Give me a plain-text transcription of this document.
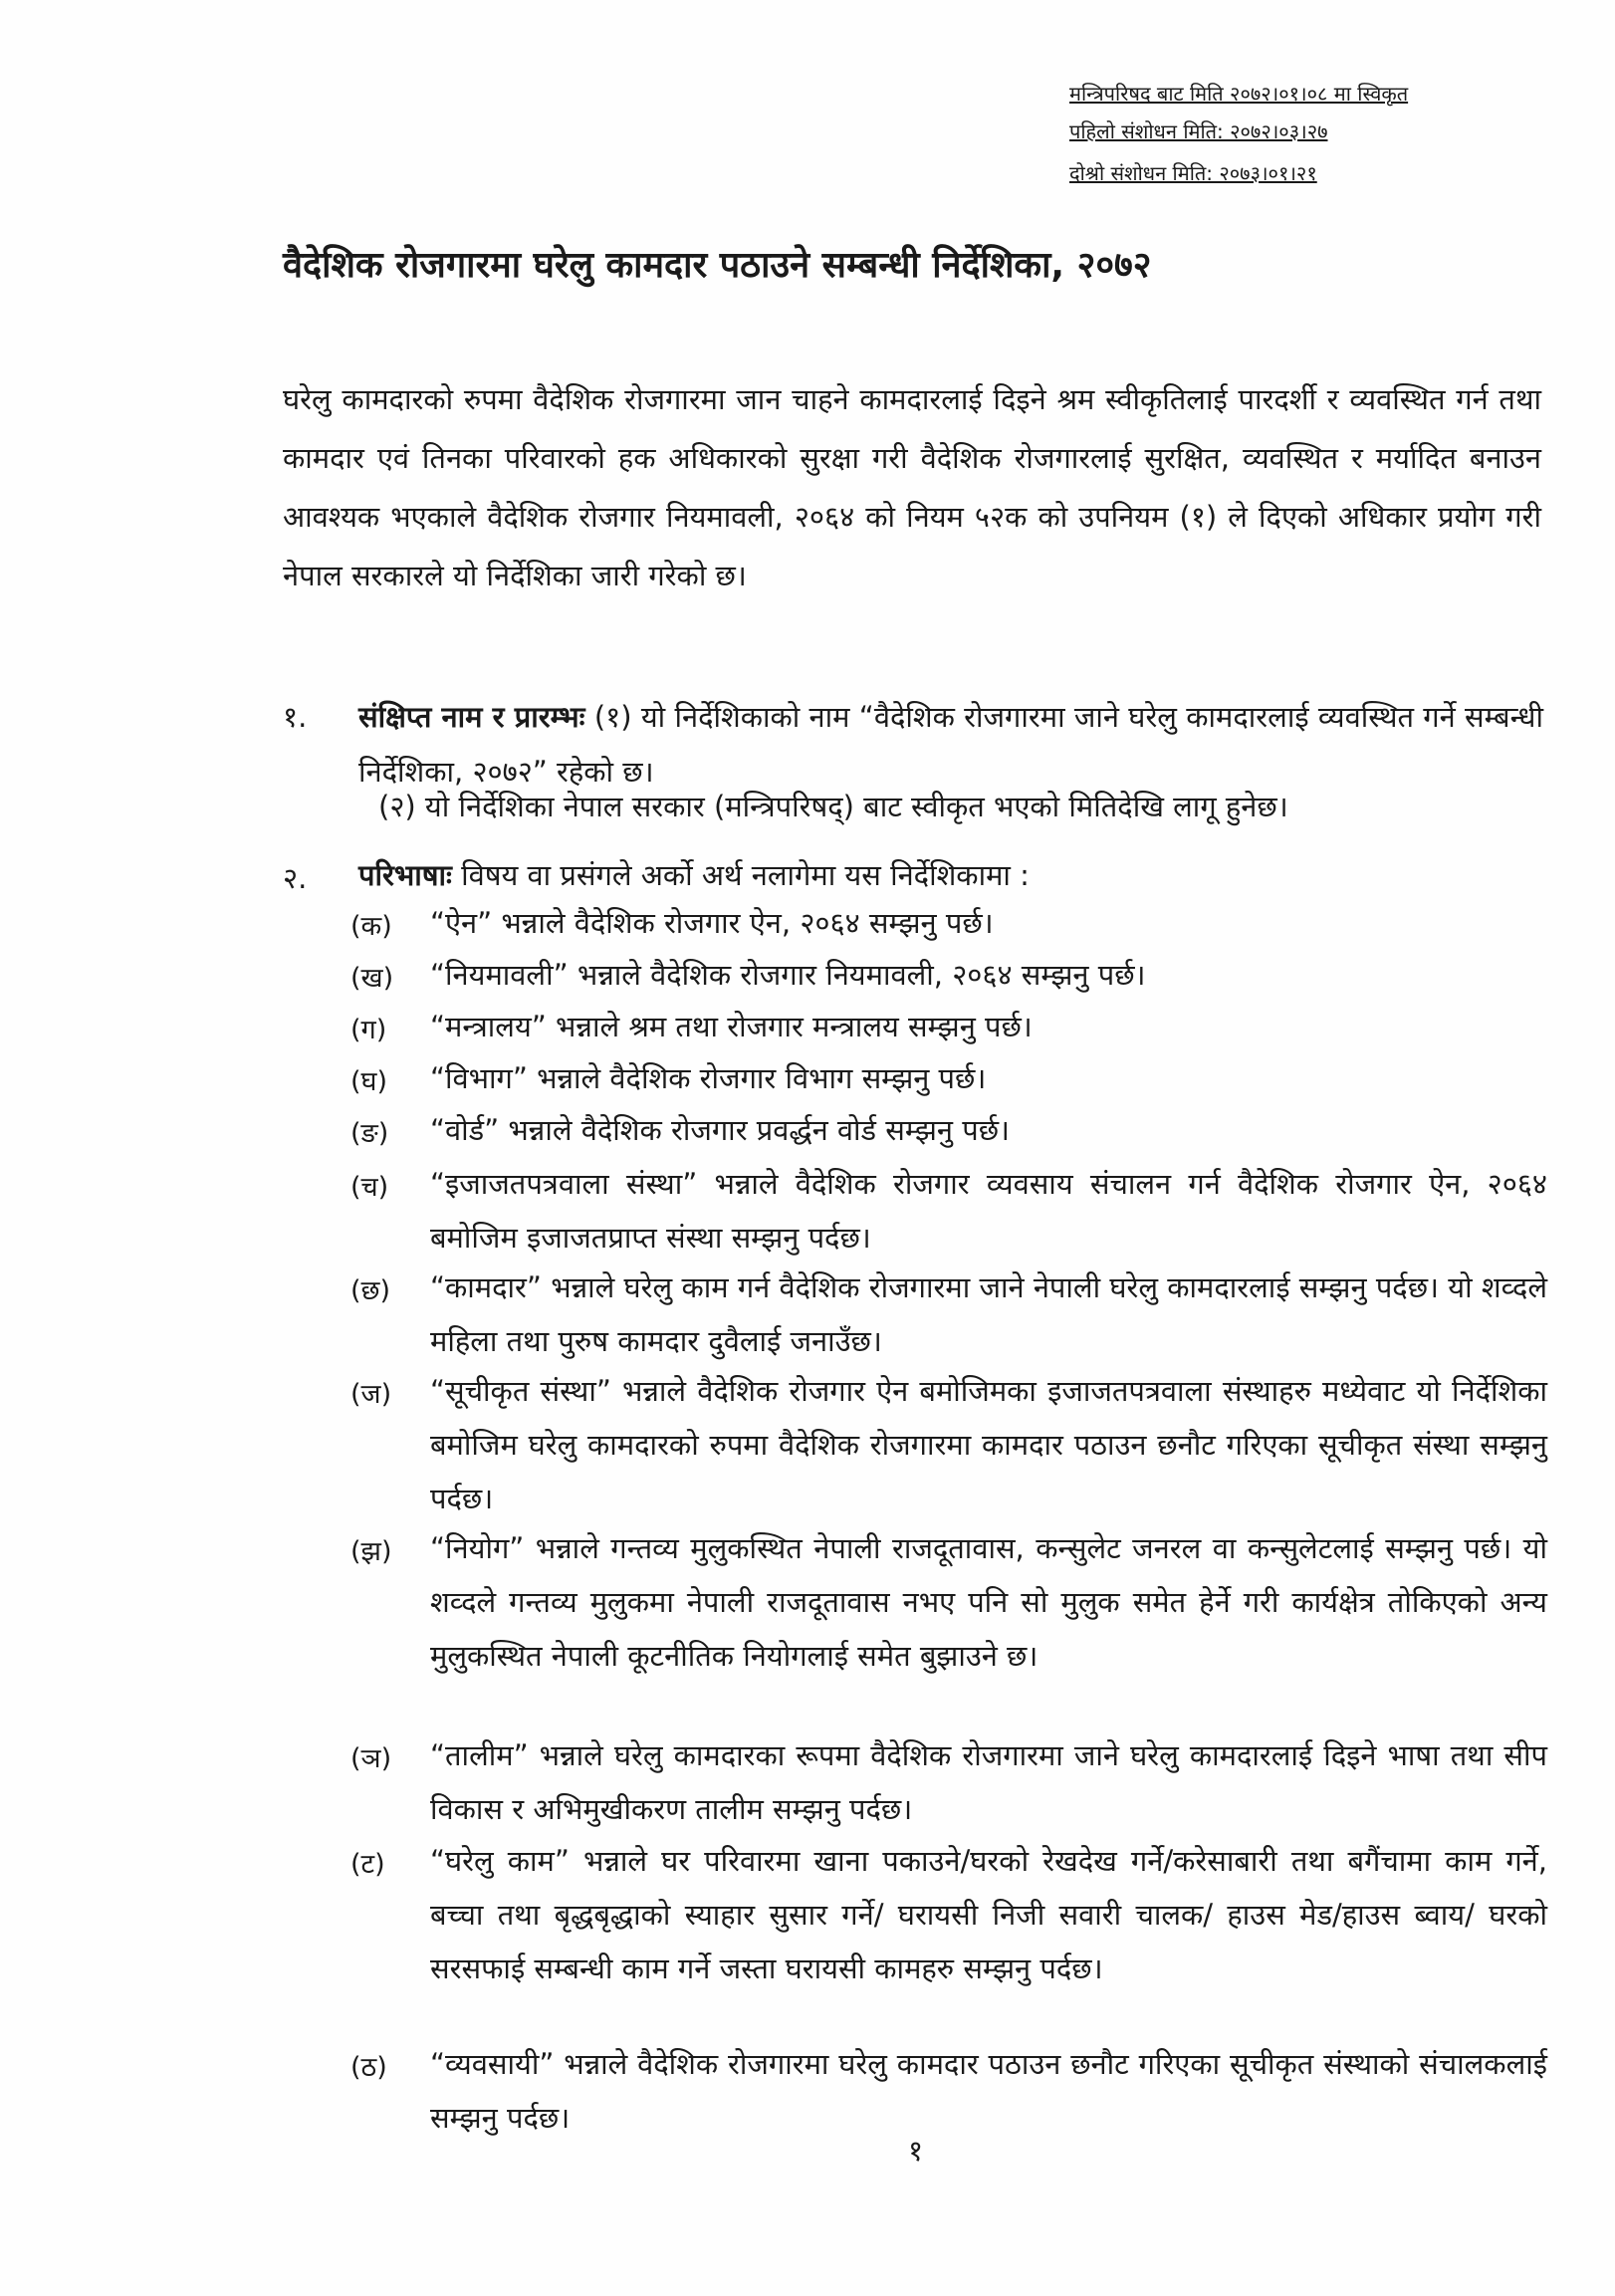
मन्त्रिपरिषद बाट मिति २०७२।०१।०८ मा स्विकृत
पहिलो संशोधन मिति: २०७२।०३।२७
दोश्रो संशोधन मिति: २०७३।०१।२१
वैदेशिक रोजगारमा घरेलु कामदार पठाउने सम्बन्धी निर्देशिका, २०७२
घरेलु कामदारको रुपमा वैदेशिक रोजगारमा जान चाहने कामदारलाई दिइने श्रम स्वीकृतिलाई पारदर्शी र व्यवस्थित गर्न तथा कामदार एवं तिनका परिवारको हक अधिकारको सुरक्षा गरी वैदेशिक रोजगारलाई सुरक्षित, व्यवस्थित र मर्यादित बनाउन आवश्यक भएकाले वैदेशिक रोजगार नियमावली, २०६४ को नियम ५२क को उपनियम (१) ले दिएको अधिकार प्रयोग गरी नेपाल सरकारले यो निर्देशिका जारी गरेको छ।
१. संक्षिप्त नाम र प्रारम्भः (१) यो निर्देशिकाको नाम “वैदेशिक रोजगारमा जाने घरेलु कामदारलाई व्यवस्थित गर्ने सम्बन्धी निर्देशिका, २०७२” रहेको छ।
(२) यो निर्देशिका नेपाल सरकार (मन्त्रिपरिषद्) बाट स्वीकृत भएको मितिदेखि लागू हुनेछ।
२. परिभाषाः विषय वा प्रसंगले अर्को अर्थ नलागेमा यस निर्देशिकामा :
(क) “ऐन” भन्नाले वैदेशिक रोजगार ऐन, २०६४ सम्झनु पर्छ।
(ख) “नियमावली” भन्नाले वैदेशिक रोजगार नियमावली, २०६४ सम्झनु पर्छ।
(ग) “मन्त्रालय” भन्नाले श्रम तथा रोजगार मन्त्रालय सम्झनु पर्छ।
(घ) “विभाग” भन्नाले वैदेशिक रोजगार विभाग सम्झनु पर्छ।
(ङ) “वोर्ड” भन्नाले वैदेशिक रोजगार प्रवर्द्धन वोर्ड सम्झनु पर्छ।
(च) “इजाजतपत्रवाला संस्था” भन्नाले वैदेशिक रोजगार व्यवसाय संचालन गर्न वैदेशिक रोजगार ऐन, २०६४ बमोजिम इजाजतप्राप्त संस्था सम्झनु पर्दछ।
(छ) “कामदार” भन्नाले घरेलु काम गर्न वैदेशिक रोजगारमा जाने नेपाली घरेलु कामदारलाई सम्झनु पर्दछ। यो शव्दले महिला तथा पुरुष कामदार दुवैलाई जनाउँछ।
(ज) “सूचीकृत संस्था” भन्नाले वैदेशिक रोजगार ऐन बमोजिमका इजाजतपत्रवाला संस्थाहरु मध्येवाट यो निर्देशिका बमोजिम घरेलु कामदारको रुपमा वैदेशिक रोजगारमा कामदार पठाउन छनौट गरिएका सूचीकृत संस्था सम्झनु पर्दछ।
(झ) “नियोग” भन्नाले गन्तव्य मुलुकस्थित नेपाली राजदूतावास, कन्सुलेट जनरल वा कन्सुलेटलाई सम्झनु पर्छ। यो शव्दले गन्तव्य मुलुकमा नेपाली राजदूतावास नभए पनि सो मुलुक समेत हेर्ने गरी कार्यक्षेत्र तोकिएको अन्य मुलुकस्थित नेपाली कूटनीतिक नियोगलाई समेत बुझाउने छ।
(ञ) “तालीम” भन्नाले घरेलु कामदारका रूपमा वैदेशिक रोजगारमा जाने घरेलु कामदारलाई दिइने भाषा तथा सीप विकास र अभिमुखीकरण तालीम सम्झनु पर्दछ।
(ट) “घरेलु काम” भन्नाले घर परिवारमा खाना पकाउने/घरको रेखदेख गर्ने/करेसाबारी तथा बगैंचामा काम गर्ने, बच्चा तथा बृद्धबृद्धाको स्याहार सुसार गर्ने/ घरायसी निजी सवारी चालक/ हाउस मेड/हाउस ब्वाय/ घरको सरसफाई सम्बन्धी काम गर्ने जस्ता घरायसी कामहरु सम्झनु पर्दछ।
(ठ) “व्यवसायी” भन्नाले वैदेशिक रोजगारमा घरेलु कामदार पठाउन छनौट गरिएका सूचीकृत संस्थाको संचालकलाई सम्झनु पर्दछ।
१
